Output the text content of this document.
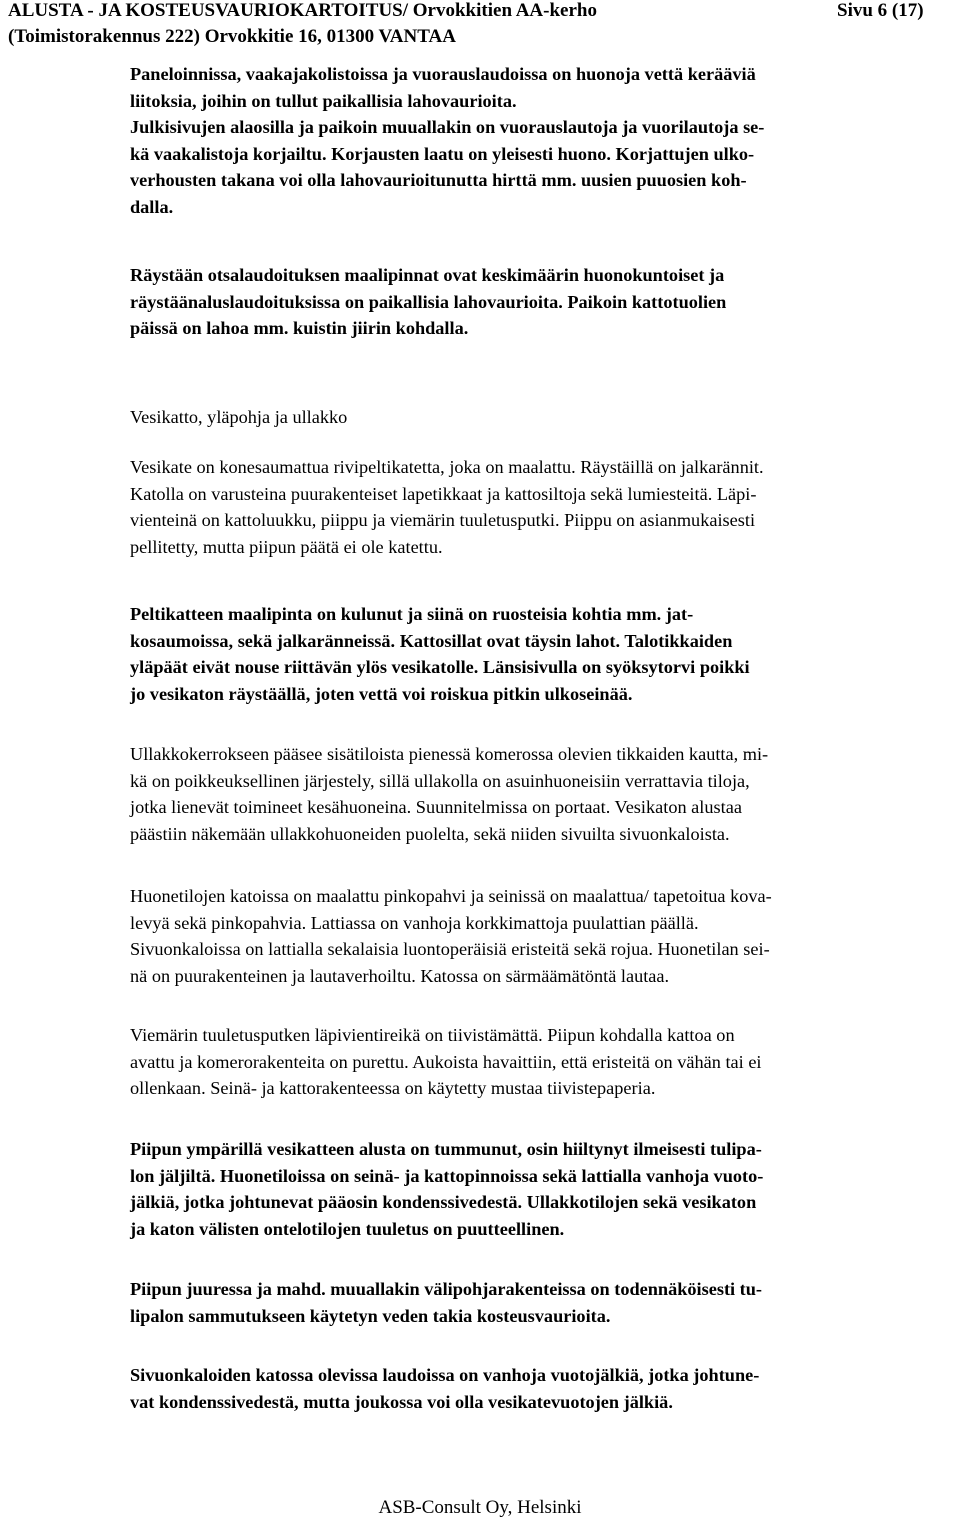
ALUSTA - JA KOSTEUSVAURIOKARTOITUS/ Orvokkitien AA-kerho	Sivu 6 (17)
(Toimistorakennus 222) Orvokkitie 16, 01300 VANTAA

Paneloinnissa, vaakajakolistoissa ja vuorauslaudoissa on huonoja vettä kerääviä
liitoksia, joihin on tullut paikallisia lahovaurioita.
Julkisivujen alaosilla ja paikoin muuallakin on vuorauslautoja ja vuorilautoja se-
kä vaakalistoja korjailtu. Korjausten laatu on yleisesti huono. Korjattujen ulko-
verhousten takana voi olla lahovaurioitunutta hirttä mm. uusien puuosien koh-
dalla.

Räystään otsalaudoituksen maalipinnat ovat keskimäärin huonokuntoiset ja
räystäänaluslaudoituksissa on paikallisia lahovaurioita. Paikoin kattotuolien
päissä on lahoa mm. kuistin jiirin kohdalla.

Vesikatto, yläpohja ja ullakko

Vesikate on konesaumattua rivipeltikatetta, joka on maalattu. Räystäillä on jalkarännit.
Katolla on varusteina puurakenteiset lapetikkaat ja kattosiltoja sekä lumiesteitä. Läpi-
vienteinä on kattoluukku, piippu ja viemärin tuuletusputki. Piippu on asianmukaisesti
pellitetty, mutta piipun päätä ei ole katettu.

Peltikatteen maalipinta on kulunut ja siinä on ruosteisia kohtia mm. jat-
kosaumoissa, sekä jalkaränneissä. Kattosillat ovat täysin lahot. Talotikkaiden
yläpäät eivät nouse riittävän ylös vesikatolle. Länsisivulla on syöksytorvi poikki
jo vesikaton räystäällä, joten vettä voi roiskua pitkin ulkoseinää.

Ullakkokerrokseen pääsee sisätiloista pienessä komerossa olevien tikkaiden kautta, mi-
kä on poikkeuksellinen järjestely, sillä ullakolla on asuinhuoneisiin verrattavia tiloja,
jotka lienevät toimineet kesähuoneina. Suunnitelmissa on portaat. Vesikaton alustaa
päästiin näkemään ullakkohuoneiden puolelta, sekä niiden sivuilta sivuonkaloista.

Huonetilojen katoissa on maalattu pinkopahvi ja seinissä on maalattua/ tapetoitua kova-
levyä sekä pinkopahvia. Lattiassa on vanhoja korkkimattoja puulattian päällä.
Sivuonkaloissa on lattialla sekalaisia luontoperäisiä eristeitä sekä rojua. Huonetilan sei-
nä on puurakenteinen ja lautaverhoiltu. Katossa on särmäämätöntä lautaa.

Viemärin tuuletusputken läpivientireikä on tiivistämättä. Piipun kohdalla kattoa on
avattu ja komerorakenteita on purettu. Aukoista havaittiin, että eristeitä on vähän tai ei
ollenkaan. Seinä- ja kattorakenteessa on käytetty mustaa tiivistepaperia.

Piipun ympärillä vesikatteen alusta on tummunut, osin hiiltynyt ilmeisesti tulipa-
lon jäljiltä. Huonetiloissa on seinä- ja kattopinnoissa sekä lattialla vanhoja vuoto-
jälkiä, jotka johtunevat pääosin kondenssivedestä. Ullakkotilojen sekä vesikaton
ja katon välisten ontelotilojen tuuletus on puutteellinen.

Piipun juuressa ja mahd. muuallakin välipohjarakenteissa on todennäköisesti tu-
lipalon sammutukseen käytetyn veden takia kosteusvaurioita.

Sivuonkaloiden katossa olevissa laudoissa on vanhoja vuotojälkiä, jotka johtune-
vat kondenssivedestä, mutta joukossa voi olla vesikatevuotojen jälkiä.

ASB-Consult Oy, Helsinki
